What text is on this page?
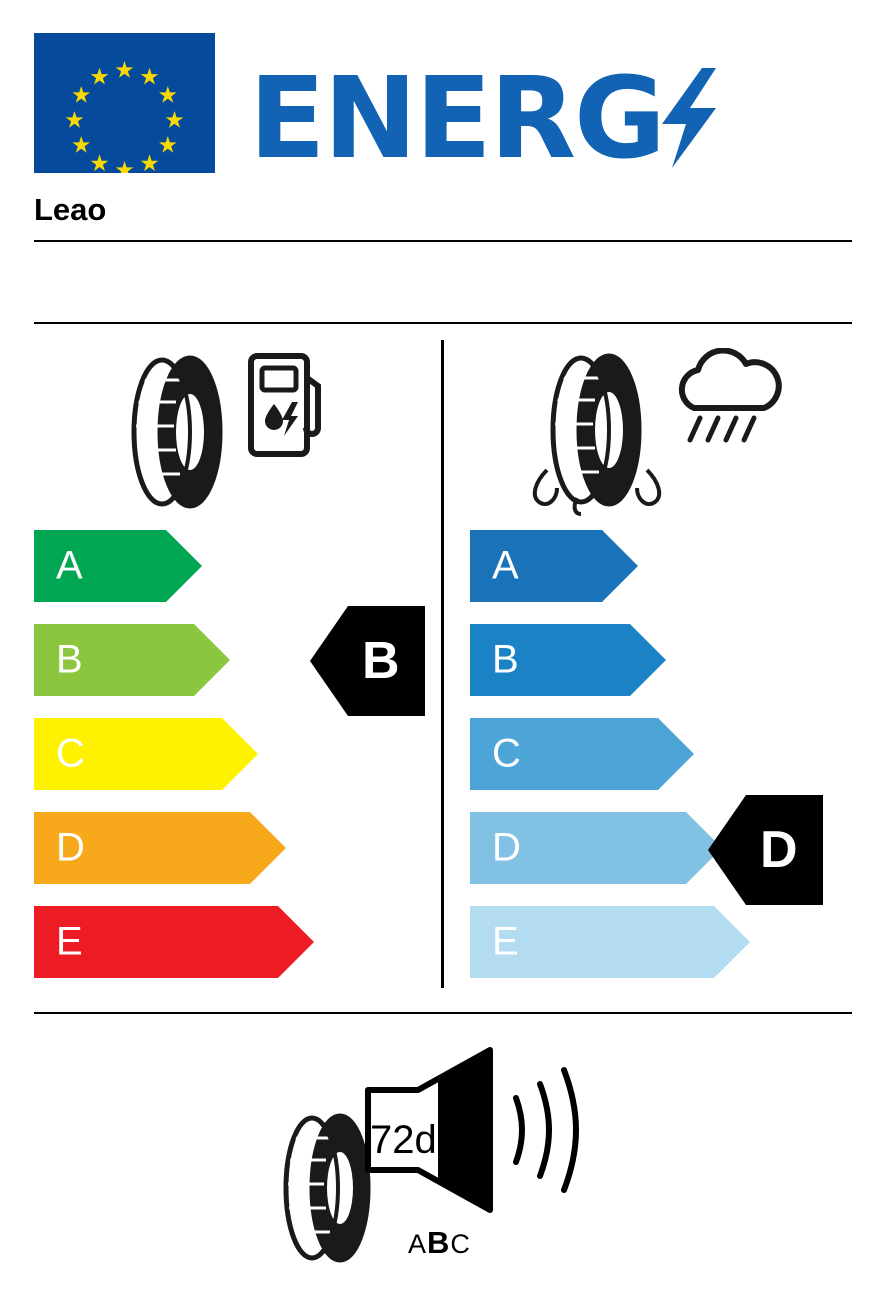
ENERG
Leao
A
B
C
D
E
B
A
B
C
D
E
D
72dB
ABC
